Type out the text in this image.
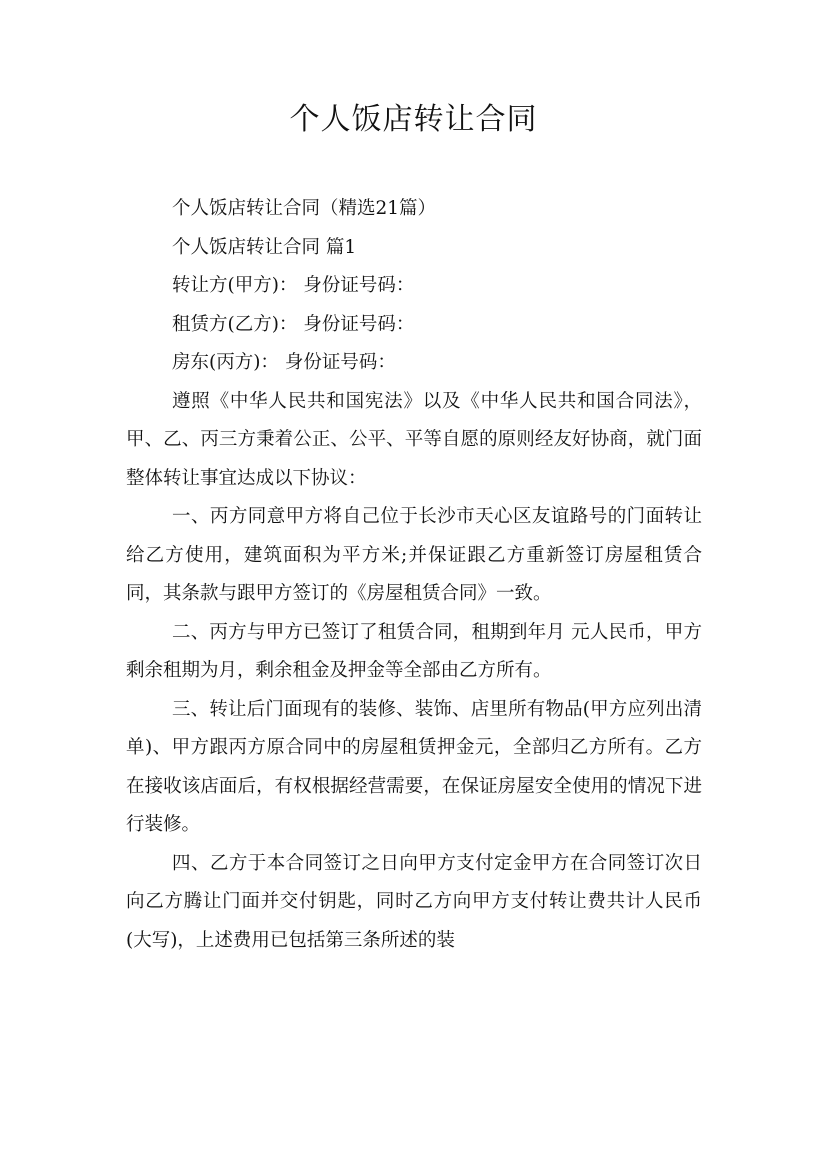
个人饭店转让合同

个人饭店转让合同（精选21篇）

个人饭店转让合同 篇1

转让方(甲方)： 身份证号码：

租赁方(乙方)： 身份证号码：

房东(丙方)： 身份证号码：

遵照《中华人民共和国宪法》以及《中华人民共和国合同法》，甲、乙、丙三方秉着公正、公平、平等自愿的原则经友好协商，就门面整体转让事宜达成以下协议：

一、丙方同意甲方将自己位于长沙市天心区友谊路号的门面转让给乙方使用，建筑面积为平方米;并保证跟乙方重新签订房屋租赁合同，其条款与跟甲方签订的《房屋租赁合同》一致。

二、丙方与甲方已签订了租赁合同，租期到年月 元人民币，甲方剩余租期为月，剩余租金及押金等全部由乙方所有。

三、转让后门面现有的装修、装饰、店里所有物品(甲方应列出清单)、甲方跟丙方原合同中的房屋租赁押金元，全部归乙方所有。乙方在接收该店面后，有权根据经营需要，在保证房屋安全使用的情况下进行装修。

四、乙方于本合同签订之日向甲方支付定金甲方在合同签订次日向乙方腾让门面并交付钥匙，同时乙方向甲方支付转让费共计人民币(大写)，上述费用已包括第三条所述的装
